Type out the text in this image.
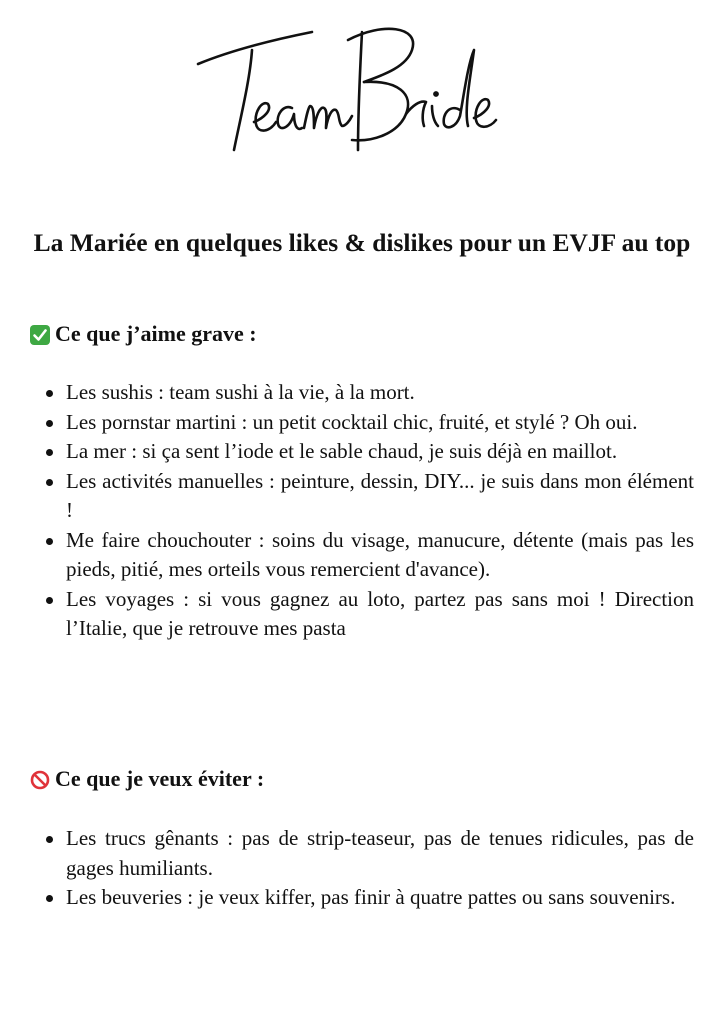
La Mariée en quelques likes & dislikes pour un EVJF au top
Ce que j’aime grave :
Les sushis : team sushi à la vie, à la mort.
Les pornstar martini : un petit cocktail chic, fruité, et stylé ? Oh oui.
La mer : si ça sent l’iode et le sable chaud, je suis déjà en maillot.
Les activités manuelles : peinture, dessin, DIY... je suis dans mon élément !
Me faire chouchouter : soins du visage, manucure, détente (mais pas les pieds, pitié, mes orteils vous remercient d'avance).
Les voyages : si vous gagnez au loto, partez pas sans moi ! Direction l’Italie, que je retrouve mes pasta
Ce que je veux éviter :
Les trucs gênants : pas de strip-teaseur, pas de tenues ridicules, pas de gages humiliants.
Les beuveries : je veux kiffer, pas finir à quatre pattes ou sans souvenirs.
